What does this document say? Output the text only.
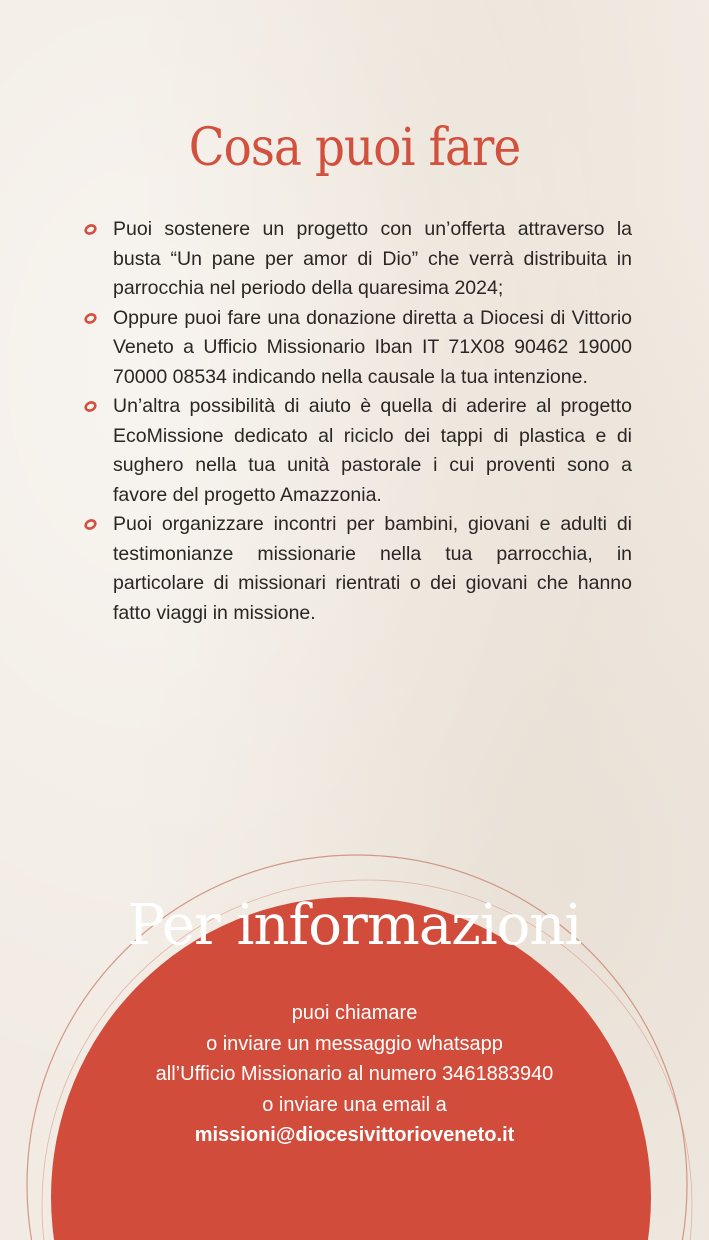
Cosa puoi fare
Puoi sostenere un progetto con un’offerta attraverso la busta “Un pane per amor di Dio” che verrà distribuita in parrocchia nel periodo della quaresima 2024;
Oppure puoi fare una donazione diretta a Diocesi di Vittorio Veneto a Ufficio Missionario Iban IT 71X08 90462 19000 70000 08534 indicando nella causale la tua intenzione.
Un’altra possibilità di aiuto è quella di aderire al progetto EcoMissione dedicato al riciclo dei tappi di plastica e di sughero nella tua unità pastorale i cui proventi sono a favore del progetto Amazzonia.
Puoi organizzare incontri per bambini, giovani e adulti di testimonianze missionarie nella tua parrocchia, in particolare di missionari rientrati o dei giovani che hanno fatto viaggi in missione.
Per informazioni
puoi chiamare
o inviare un messaggio whatsapp
all’Ufficio Missionario al numero 3461883940
o inviare una email a
missioni@diocesivittorioveneto.it
